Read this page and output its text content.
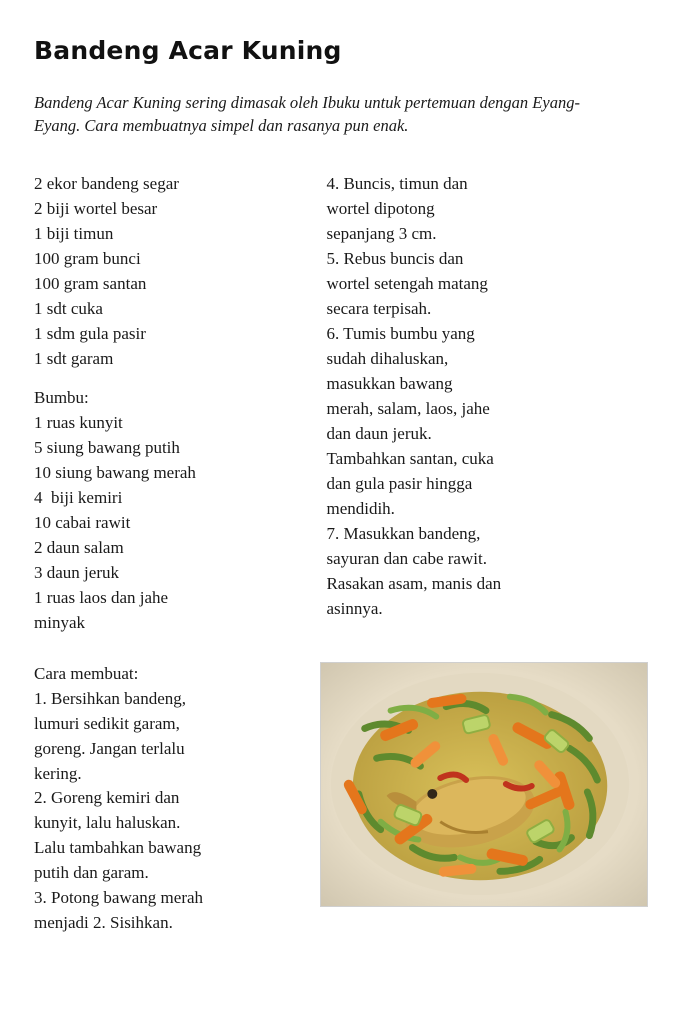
Bandeng Acar Kuning

Bandeng Acar Kuning sering dimasak oleh Ibuku untuk pertemuan dengan Eyang-Eyang. Cara membuatnya simpel dan rasanya pun enak.

2 ekor bandeng segar
2 biji wortel besar
1 biji timun
100 gram bunci
100 gram santan
1 sdt cuka
1 sdm gula pasir
1 sdt garam
Bumbu:
1 ruas kunyit
5 siung bawang putih
10 siung bawang merah
4  biji kemiri
10 cabai rawit
2 daun salam
3 daun jeruk
1 ruas laos dan jahe
minyak
4. Buncis, timun dan
wortel dipotong
sepanjang 3 cm.
5. Rebus buncis dan
wortel setengah matang
secara terpisah.
6. Tumis bumbu yang
sudah dihaluskan,
masukkan bawang
merah, salam, laos, jahe
dan daun jeruk.
Tambahkan santan, cuka
dan gula pasir hingga
mendidih.
7. Masukkan bandeng,
sayuran dan cabe rawit.
Rasakan asam, manis dan
asinnya.
Cara membuat:
1. Bersihkan bandeng,
lumuri sedikit garam,
goreng. Jangan terlalu
kering.
2. Goreng kemiri dan
kunyit, lalu haluskan.
Lalu tambahkan bawang
putih dan garam.
3. Potong bawang merah
menjadi 2. Sisihkan.
